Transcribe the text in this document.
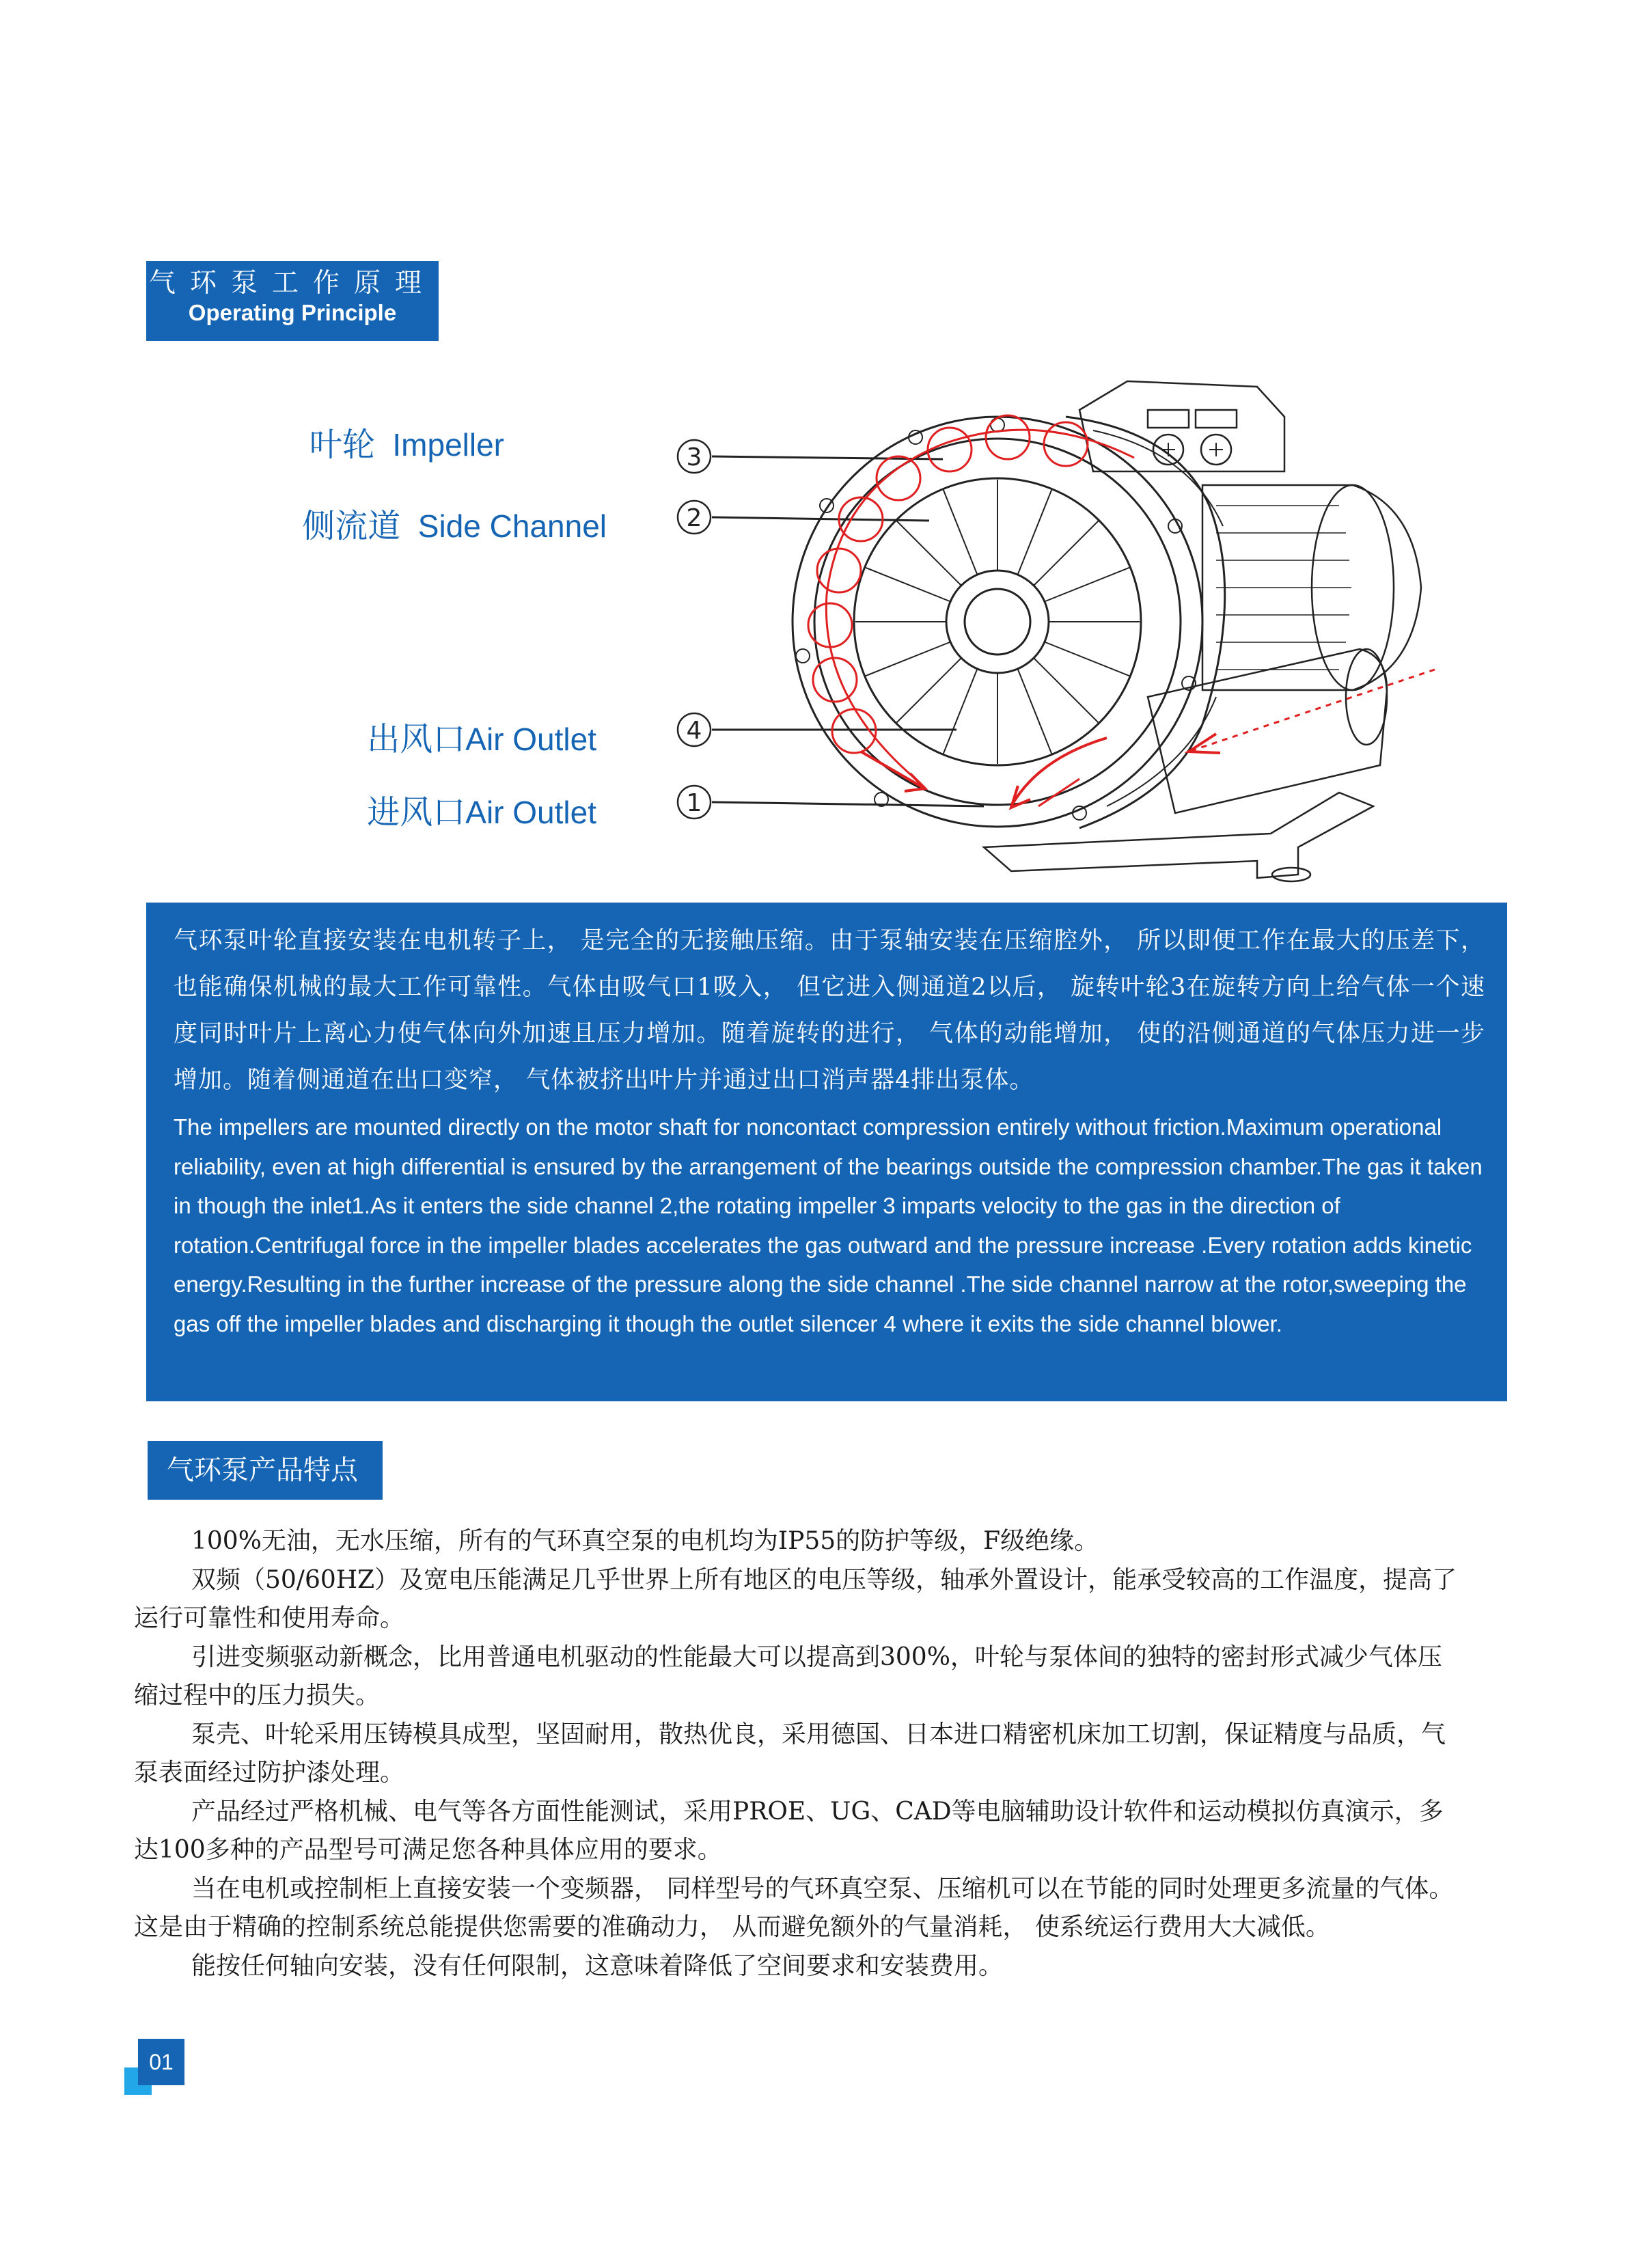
气环泵工作原理
Operating Principle
叶轮 Impeller
侧流道 Side Channel
出风口Air Outlet
进风口Air Outlet
3
2
4
1
气环泵叶轮直接安装在电机转子上， 是完全的无接触压缩。由于泵轴安装在压缩腔外， 所以即便工作在最大的压差下， 也能确保机械的最大工作可靠性。气体由吸气口1吸入， 但它进入侧通道2以后， 旋转叶轮3在旋转方向上给气体一个速度同时叶片上离心力使气体向外加速且压力增加。随着旋转的进行， 气体的动能增加， 使的沿侧通道的气体压力进一步增加。随着侧通道在出口变窄， 气体被挤出叶片并通过出口消声器4排出泵体。
The impellers are mounted directly on the motor shaft for noncontact compression entirely without friction.Maximum operational reliability, even at high differential is ensured by the arrangement of the bearings outside the compression chamber.The gas it taken in though the inlet1.As it enters the side channel 2,the rotating impeller 3 imparts velocity to the gas in the direction of rotation.Centrifugal force in the impeller blades accelerates the gas outward and the pressure increase .Every rotation adds kinetic energy.Resulting in the further increase of the pressure along the side channel .The side channel narrow at the rotor,sweeping the gas off the impeller blades and discharging it though the outlet silencer 4 where it exits the side channel blower.
气环泵产品特点

100%无油，无水压缩，所有的气环真空泵的电机均为IP55的防护等级，F级绝缘。

双频（50/60HZ）及宽电压能满足几乎世界上所有地区的电压等级，轴承外置设计，能承受较高的工作温度，提高了运行可靠性和使用寿命。

引进变频驱动新概念，比用普通电机驱动的性能最大可以提高到300%，叶轮与泵体间的独特的密封形式减少气体压缩过程中的压力损失。

泵壳、叶轮采用压铸模具成型，坚固耐用，散热优良，采用德国、日本进口精密机床加工切割，保证精度与品质，气泵表面经过防护漆处理。

产品经过严格机械、电气等各方面性能测试，采用PROE、UG、CAD等电脑辅助设计软件和运动模拟仿真演示，多达100多种的产品型号可满足您各种具体应用的要求。

当在电机或控制柜上直接安装一个变频器， 同样型号的气环真空泵、压缩机可以在节能的同时处理更多流量的气体。这是由于精确的控制系统总能提供您需要的准确动力， 从而避免额外的气量消耗， 使系统运行费用大大减低。

能按任何轴向安装，没有任何限制，这意味着降低了空间要求和安装费用。

01
